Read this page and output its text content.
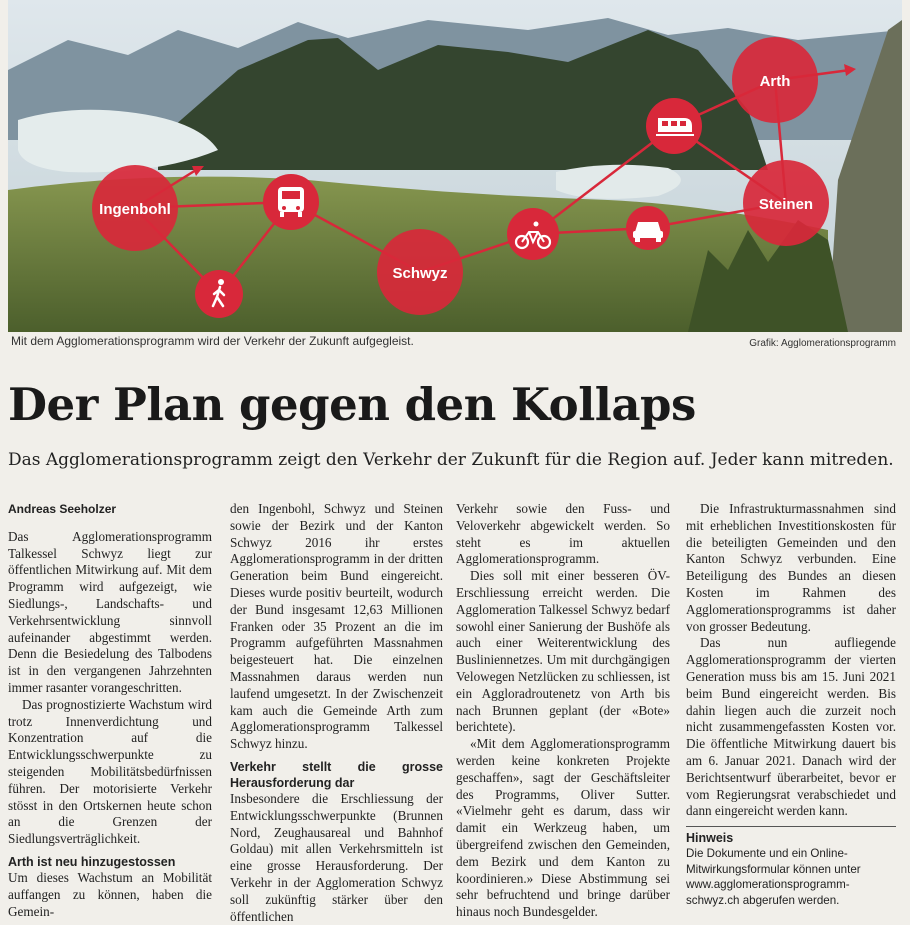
Arth
Ingenbohl	Steinen
Schwyz
Mit dem Agglomerationsprogramm wird der Verkehr der Zukunft aufgegleist.	Grafik: Agglomerationsprogramm
Der Plan gegen den Kollaps
Das Agglomerationsprogramm zeigt den Verkehr der Zukunft für die Region auf. Jeder kann mitreden.
Andreas Seeholzer

Das Agglomerationsprogramm Talkessel Schwyz liegt zur öffentlichen Mitwirkung auf. Mit dem Programm wird aufgezeigt, wie Siedlungs-, Landschafts- und Verkehrsentwicklung sinnvoll aufeinander abgestimmt werden. Denn die Besiedelung des Talbodens ist in den vergangenen Jahrzehnten immer rasanter vorangeschritten.

Das prognostizierte Wachstum wird trotz Innenverdichtung und Konzentration auf die Entwicklungsschwerpunkte zu steigenden Mobilitätsbedürfnissen führen. Der motorisierte Verkehr stösst in den Ortskernen heute schon an die Grenzen der Siedlungsverträglichkeit.

Arth ist neu hinzugestossen

Um dieses Wachstum an Mobilität auffangen zu können, haben die Gemein-

den Ingenbohl, Schwyz und Steinen sowie der Bezirk und der Kanton Schwyz 2016 ihr erstes Agglomerationsprogramm in der dritten Generation beim Bund eingereicht. Dieses wurde positiv beurteilt, wodurch der Bund insgesamt 12,63 Millionen Franken oder 35 Prozent an die im Programm aufgeführten Massnahmen beigesteuert hat. Die einzelnen Massnahmen daraus werden nun laufend umgesetzt. In der Zwischenzeit kam auch die Gemeinde Arth zum Agglomerationsprogramm Talkessel Schwyz hinzu.

Verkehr stellt die grosse Herausforderung dar

Insbesondere die Erschliessung der Entwicklungsschwerpunkte (Brunnen Nord, Zeughausareal und Bahnhof Goldau) mit allen Verkehrsmitteln ist eine grosse Herausforderung. Der Verkehr in der Agglomeration Schwyz soll zukünftig stärker über den öffentlichen

Verkehr sowie den Fuss- und Veloverkehr abgewickelt werden. So steht es im aktuellen Agglomerationsprogramm.

Dies soll mit einer besseren ÖV-Erschliessung erreicht werden. Die Agglomeration Talkessel Schwyz bedarf sowohl einer Sanierung der Bushöfe als auch einer Weiterentwicklung des Busliniennetzes. Um mit durchgängigen Velowegen Netzlücken zu schliessen, ist ein Aggloradroutenetz von Arth bis nach Brunnen geplant (der «Bote» berichtete).

«Mit dem Agglomerationsprogramm werden keine konkreten Projekte geschaffen», sagt der Geschäftsleiter des Programms, Oliver Sutter. «Vielmehr geht es darum, dass wir damit ein Werkzeug haben, um übergreifend zwischen den Gemeinden, dem Bezirk und dem Kanton zu koordinieren.» Diese Abstimmung sei sehr befruchtend und bringe darüber hinaus noch Bundesgelder.

Die Infrastrukturmassnahmen sind mit erheblichen Investitionskosten für die beteiligten Gemeinden und den Kanton Schwyz verbunden. Eine Beteiligung des Bundes an diesen Kosten im Rahmen des Agglomerationsprogramms ist daher von grosser Bedeutung.

Das nun aufliegende Agglomerationsprogramm der vierten Generation muss bis am 15. Juni 2021 beim Bund eingereicht werden. Bis dahin liegen auch die zurzeit noch nicht zusammengefassten Kosten vor. Die öffentliche Mitwirkung dauert bis am 6. Januar 2021. Danach wird der Berichtsentwurf überarbeitet, bevor er vom Regierungsrat verabschiedet und dann eingereicht werden kann.

Hinweis
Die Dokumente und ein Online-Mitwirkungsformular können unter www.agglomerationsprogramm-schwyz.ch abgerufen werden.
